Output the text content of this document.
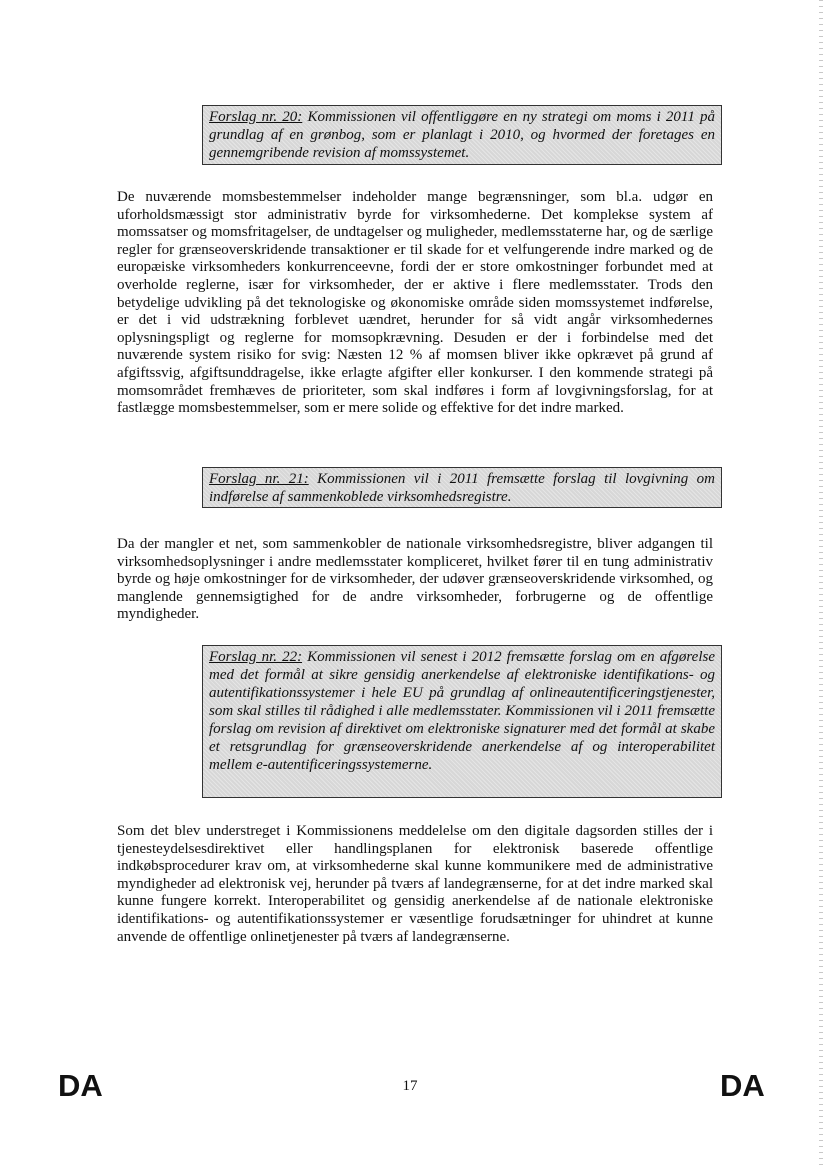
Forslag nr. 20: Kommissionen vil offentliggøre en ny strategi om moms i 2011 på grundlag af en grønbog, som er planlagt i 2010, og hvormed der foretages en gennemgribende revision af momssystemet.

De nuværende momsbestemmelser indeholder mange begrænsninger, som bl.a. udgør en uforholdsmæssigt stor administrativ byrde for virksomhederne. Det komplekse system af momssatser og momsfritagelser, de undtagelser og muligheder, medlemsstaterne har, og de særlige regler for grænseoverskridende transaktioner er til skade for et velfungerende indre marked og de europæiske virksomheders konkurrenceevne, fordi der er store omkostninger forbundet med at overholde reglerne, især for virksomheder, der er aktive i flere medlemsstater. Trods den betydelige udvikling på det teknologiske og økonomiske område siden momssystemet indførelse, er det i vid udstrækning forblevet uændret, herunder for så vidt angår virksomhedernes oplysningspligt og reglerne for momsopkrævning. Desuden er der i forbindelse med det nuværende system risiko for svig: Næsten 12 % af momsen bliver ikke opkrævet på grund af afgiftssvig, afgiftsunddragelse, ikke erlagte afgifter eller konkurser. I den kommende strategi på momsområdet fremhæves de prioriteter, som skal indføres i form af lovgivningsforslag, for at fastlægge momsbestemmelser, som er mere solide og effektive for det indre marked.

Forslag nr. 21: Kommissionen vil i 2011 fremsætte forslag til lovgivning om indførelse af sammenkoblede virksomhedsregistre.

Da der mangler et net, som sammenkobler de nationale virksomhedsregistre, bliver adgangen til virksomhedsoplysninger i andre medlemsstater kompliceret, hvilket fører til en tung administrativ byrde og høje omkostninger for de virksomheder, der udøver grænseoverskridende virksomhed, og manglende gennemsigtighed for de andre virksomheder, forbrugerne og de offentlige myndigheder.

Forslag nr. 22: Kommissionen vil senest i 2012 fremsætte forslag om en afgørelse med det formål at sikre gensidig anerkendelse af elektroniske identifikations- og autentifikationssystemer i hele EU på grundlag af onlineautentificeringstjenester, som skal stilles til rådighed i alle medlemsstater. Kommissionen vil i 2011 fremsætte forslag om revision af direktivet om elektroniske signaturer med det formål at skabe et retsgrundlag for grænseoverskridende anerkendelse af og interoperabilitet mellem e-autentificeringssystemerne.

Som det blev understreget i Kommissionens meddelelse om den digitale dagsorden stilles der i tjenesteydelsesdirektivet eller handlingsplanen for elektronisk baserede offentlige indkøbsprocedurer krav om, at virksomhederne skal kunne kommunikere med de administrative myndigheder ad elektronisk vej, herunder på tværs af landegrænserne, for at det indre marked skal kunne fungere korrekt. Interoperabilitet og gensidig anerkendelse af de nationale elektroniske identifikations- og autentifikationssystemer er væsentlige forudsætninger for uhindret at kunne anvende de offentlige onlinetjenester på tværs af landegrænserne.

DA	17	DA
